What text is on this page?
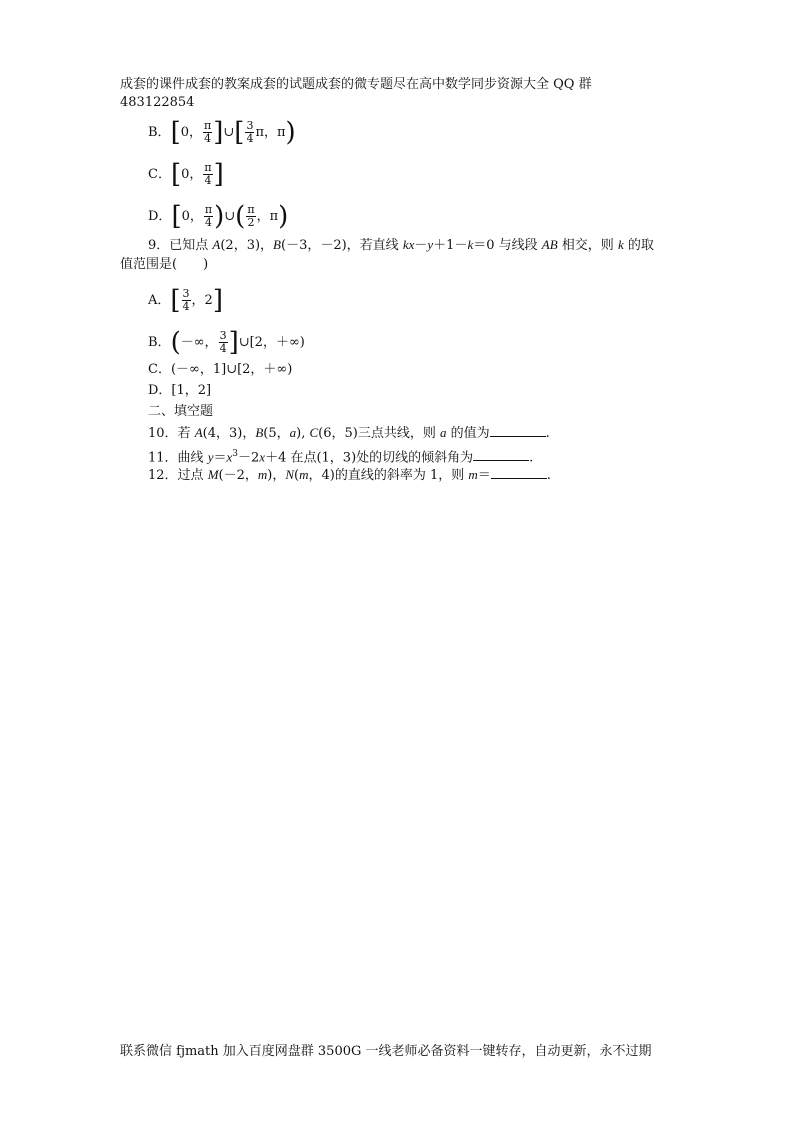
成套的课件成套的教案成套的试题成套的微专题尽在高中数学同步资源大全 QQ 群
483122854
B．[0， $\frac{\pi}{4}$ ]∪[ $\frac{3}{4}$ π，π)
C．[0， $\frac{\pi}{4}$ ]
D．[0， $\frac{\pi}{4}$ )∪( $\frac{\pi}{2}$ ，π)
9．已知点 A(2，3)，B(－3，－2)，若直线 kx－y＋1－k＝0 与线段 AB 相交，则 k 的取
值范围是(　　)
A．[ $\frac{3}{4}$ ，2]
B．(－∞， $\frac{3}{4}$ ]∪[2，＋∞)
C．(－∞，1]∪[2，＋∞)
D．[1，2]
二、填空题
10．若 A(4，3)，B(5，a), C(6，5)三点共线，则 a 的值为	.
11．曲线 $y=x^3-2x+4$ 在点(1，3)处的切线的倾斜角为	.
12．过点 M(－2，m)，N(m，4)的直线的斜率为 1，则 m＝	.
联系微信 fjmath 加入百度网盘群 3500G 一线老师必备资料一键转存，自动更新，永不过期
